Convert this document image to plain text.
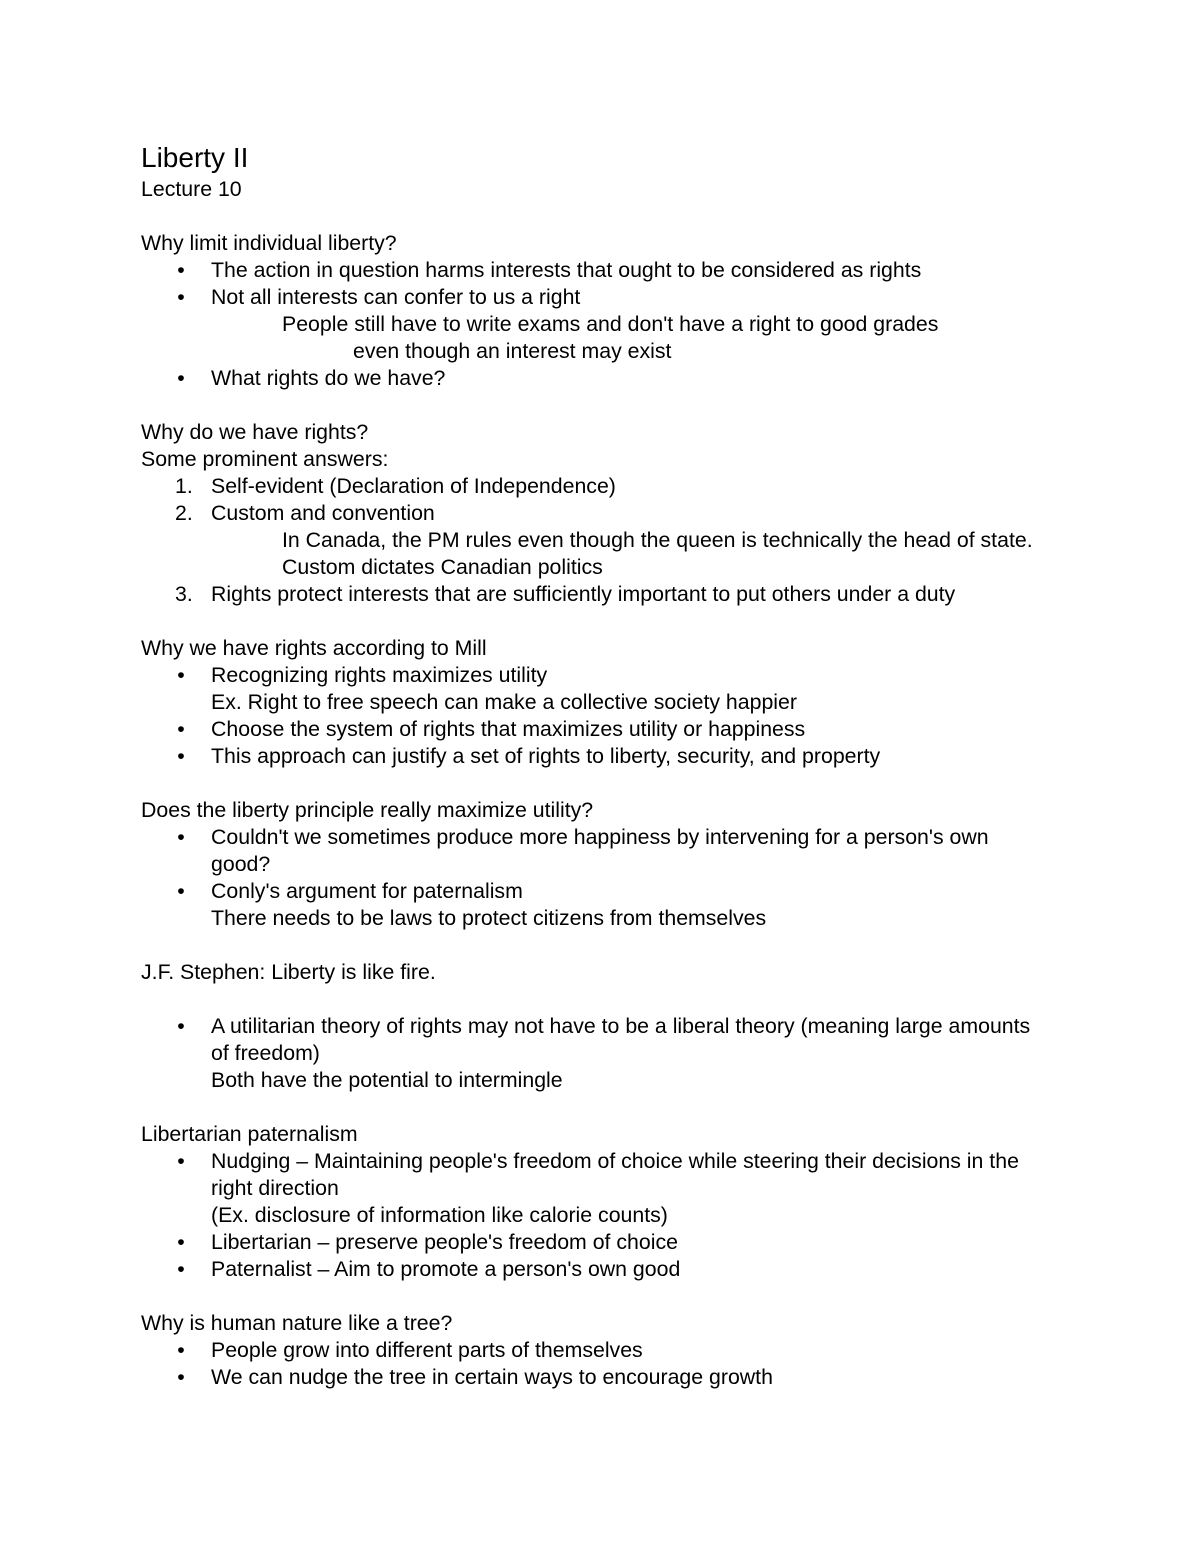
Liberty II
Lecture 10
Why limit individual liberty?
• The action in question harms interests that ought to be considered as rights
• Not all interests can confer to us a right
People still have to write exams and don't have a right to good grades
even though an interest may exist
• What rights do we have?
Why do we have rights?
Some prominent answers:
1. Self-evident (Declaration of Independence)
2. Custom and convention
In Canada, the PM rules even though the queen is technically the head of state. Custom dictates Canadian politics
3. Rights protect interests that are sufficiently important to put others under a duty
Why we have rights according to Mill
• Recognizing rights maximizes utility
Ex. Right to free speech can make a collective society happier
• Choose the system of rights that maximizes utility or happiness
• This approach can justify a set of rights to liberty, security, and property
Does the liberty principle really maximize utility?
• Couldn't we sometimes produce more happiness by intervening for a person's own good?
• Conly's argument for paternalism
There needs to be laws to protect citizens from themselves
J.F. Stephen: Liberty is like fire.
• A utilitarian theory of rights may not have to be a liberal theory (meaning large amounts of freedom)
Both have the potential to intermingle
Libertarian paternalism
• Nudging – Maintaining people's freedom of choice while steering their decisions in the right direction
(Ex. disclosure of information like calorie counts)
• Libertarian – preserve people's freedom of choice
• Paternalist – Aim to promote a person's own good
Why is human nature like a tree?
• People grow into different parts of themselves
• We can nudge the tree in certain ways to encourage growth
